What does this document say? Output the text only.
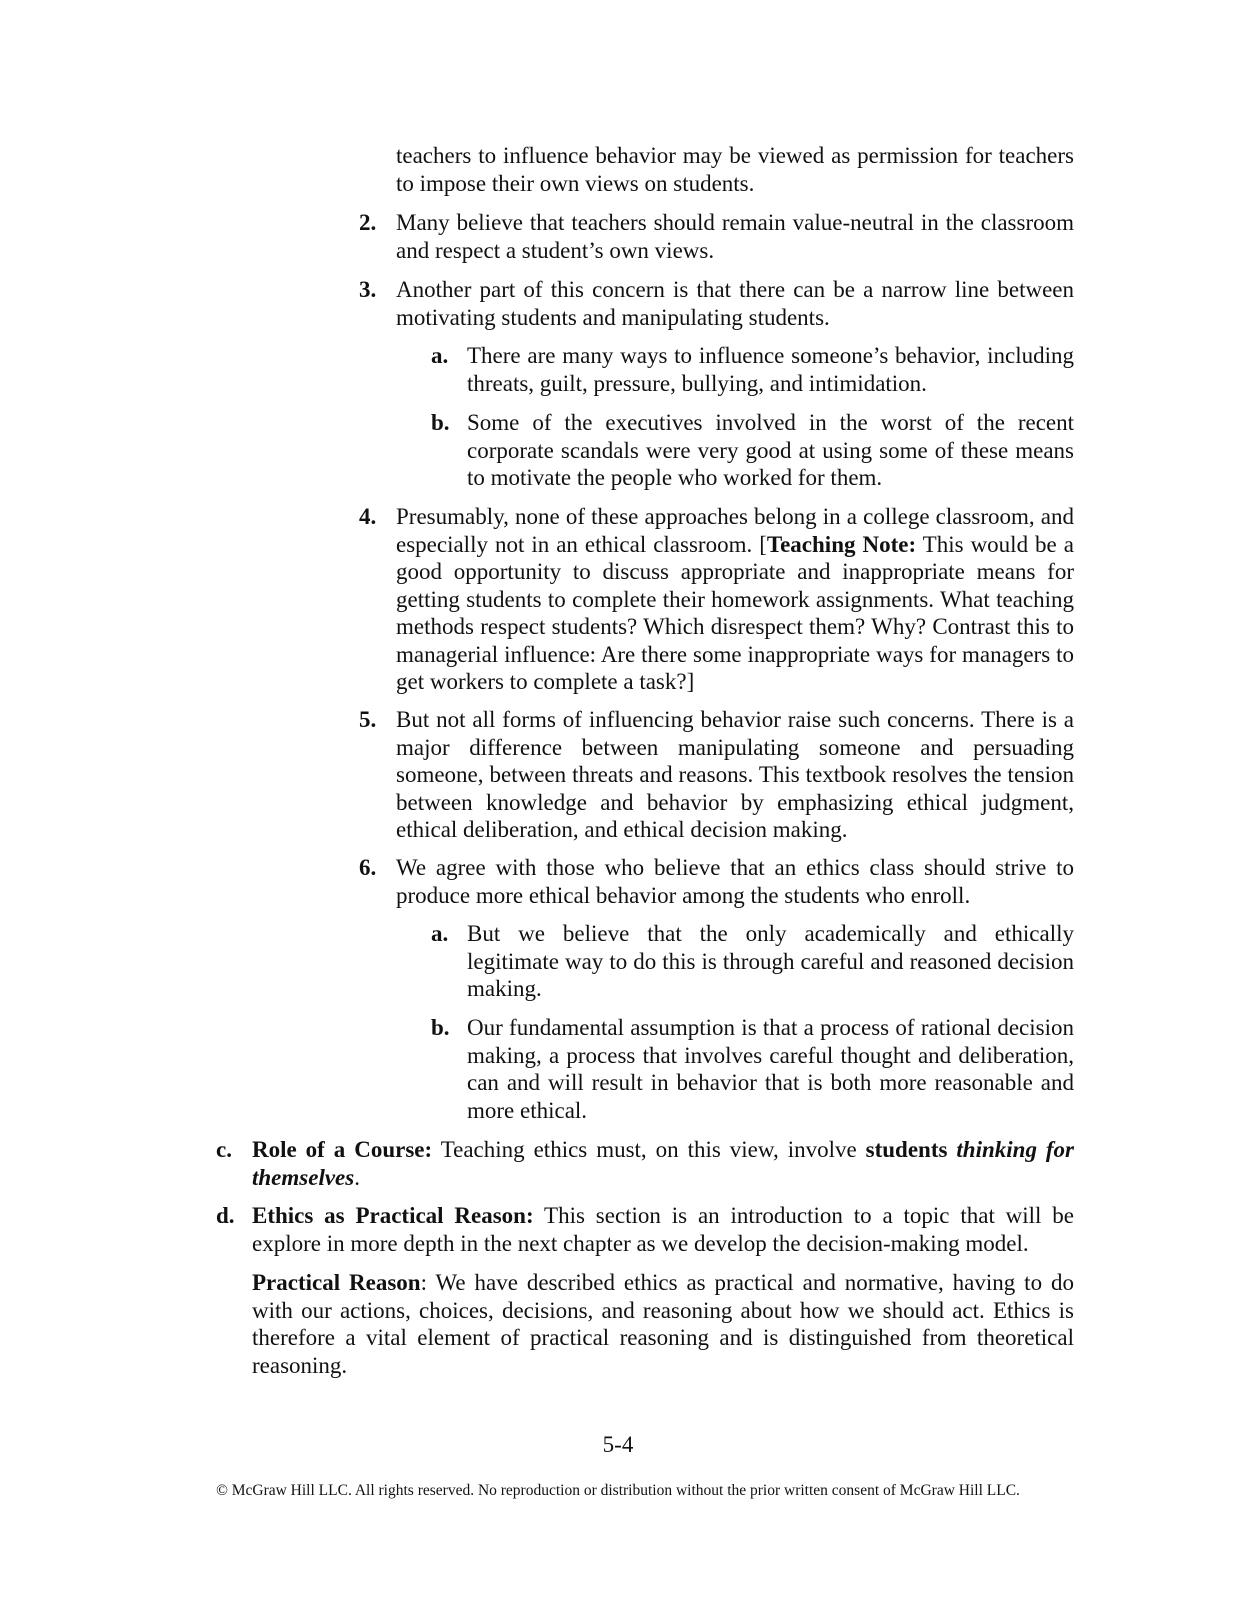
teachers to influence behavior may be viewed as permission for teachers to impose their own views on students.
2. Many believe that teachers should remain value-neutral in the classroom and respect a student’s own views.
3. Another part of this concern is that there can be a narrow line between motivating students and manipulating students.
a. There are many ways to influence someone’s behavior, including threats, guilt, pressure, bullying, and intimidation.
b. Some of the executives involved in the worst of the recent corporate scandals were very good at using some of these means to motivate the people who worked for them.
4. Presumably, none of these approaches belong in a college classroom, and especially not in an ethical classroom. [Teaching Note: This would be a good opportunity to discuss appropriate and inappropriate means for getting students to complete their homework assignments. What teaching methods respect students? Which disrespect them? Why? Contrast this to managerial influence: Are there some inappropriate ways for managers to get workers to complete a task?]
5. But not all forms of influencing behavior raise such concerns. There is a major difference between manipulating someone and persuading someone, between threats and reasons. This textbook resolves the tension between knowledge and behavior by emphasizing ethical judgment, ethical deliberation, and ethical decision making.
6. We agree with those who believe that an ethics class should strive to produce more ethical behavior among the students who enroll.
a. But we believe that the only academically and ethically legitimate way to do this is through careful and reasoned decision making.
b. Our fundamental assumption is that a process of rational decision making, a process that involves careful thought and deliberation, can and will result in behavior that is both more reasonable and more ethical.
c. Role of a Course: Teaching ethics must, on this view, involve students thinking for themselves.
d. Ethics as Practical Reason: This section is an introduction to a topic that will be explore in more depth in the next chapter as we develop the decision-making model.
Practical Reason: We have described ethics as practical and normative, having to do with our actions, choices, decisions, and reasoning about how we should act. Ethics is therefore a vital element of practical reasoning and is distinguished from theoretical reasoning.
5-4
© McGraw Hill LLC. All rights reserved. No reproduction or distribution without the prior written consent of McGraw Hill LLC.
